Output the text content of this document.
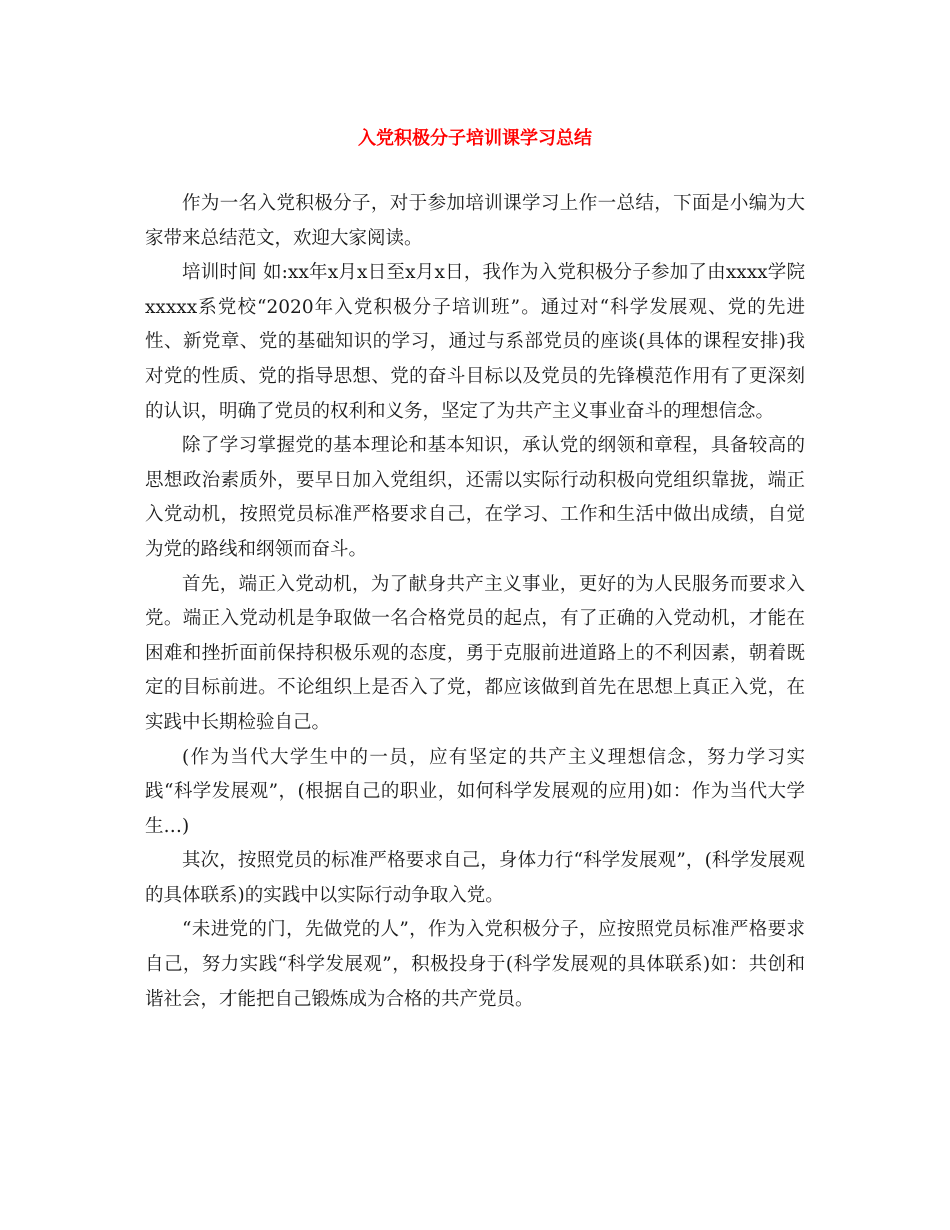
入党积极分子培训课学习总结

作为一名入党积极分子，对于参加培训课学习上作一总结，下面是小编为大家带来总结范文，欢迎大家阅读。

培训时间 如:xx年x月x日至x月x日，我作为入党积极分子参加了由xxxx学院xxxxx系党校“2020年入党积极分子培训班”。通过对“科学发展观、党的先进性、新党章、党的基础知识的学习，通过与系部党员的座谈(具体的课程安排)我对党的性质、党的指导思想、党的奋斗目标以及党员的先锋模范作用有了更深刻的认识，明确了党员的权利和义务，坚定了为共产主义事业奋斗的理想信念。

除了学习掌握党的基本理论和基本知识，承认党的纲领和章程，具备较高的思想政治素质外，要早日加入党组织，还需以实际行动积极向党组织靠拢，端正入党动机，按照党员标准严格要求自己，在学习、工作和生活中做出成绩，自觉为党的路线和纲领而奋斗。

首先，端正入党动机，为了献身共产主义事业，更好的为人民服务而要求入党。端正入党动机是争取做一名合格党员的起点，有了正确的入党动机，才能在困难和挫折面前保持积极乐观的态度，勇于克服前进道路上的不利因素，朝着既定的目标前进。不论组织上是否入了党，都应该做到首先在思想上真正入党，在实践中长期检验自己。

(作为当代大学生中的一员，应有坚定的共产主义理想信念，努力学习实践“科学发展观”，(根据自己的职业，如何科学发展观的应用)如：作为当代大学生…)

其次，按照党员的标准严格要求自己，身体力行“科学发展观”，(科学发展观的具体联系)的实践中以实际行动争取入党。

“未进党的门，先做党的人”，作为入党积极分子，应按照党员标准严格要求自己，努力实践“科学发展观”，积极投身于(科学发展观的具体联系)如：共创和谐社会，才能把自己锻炼成为合格的共产党员。
